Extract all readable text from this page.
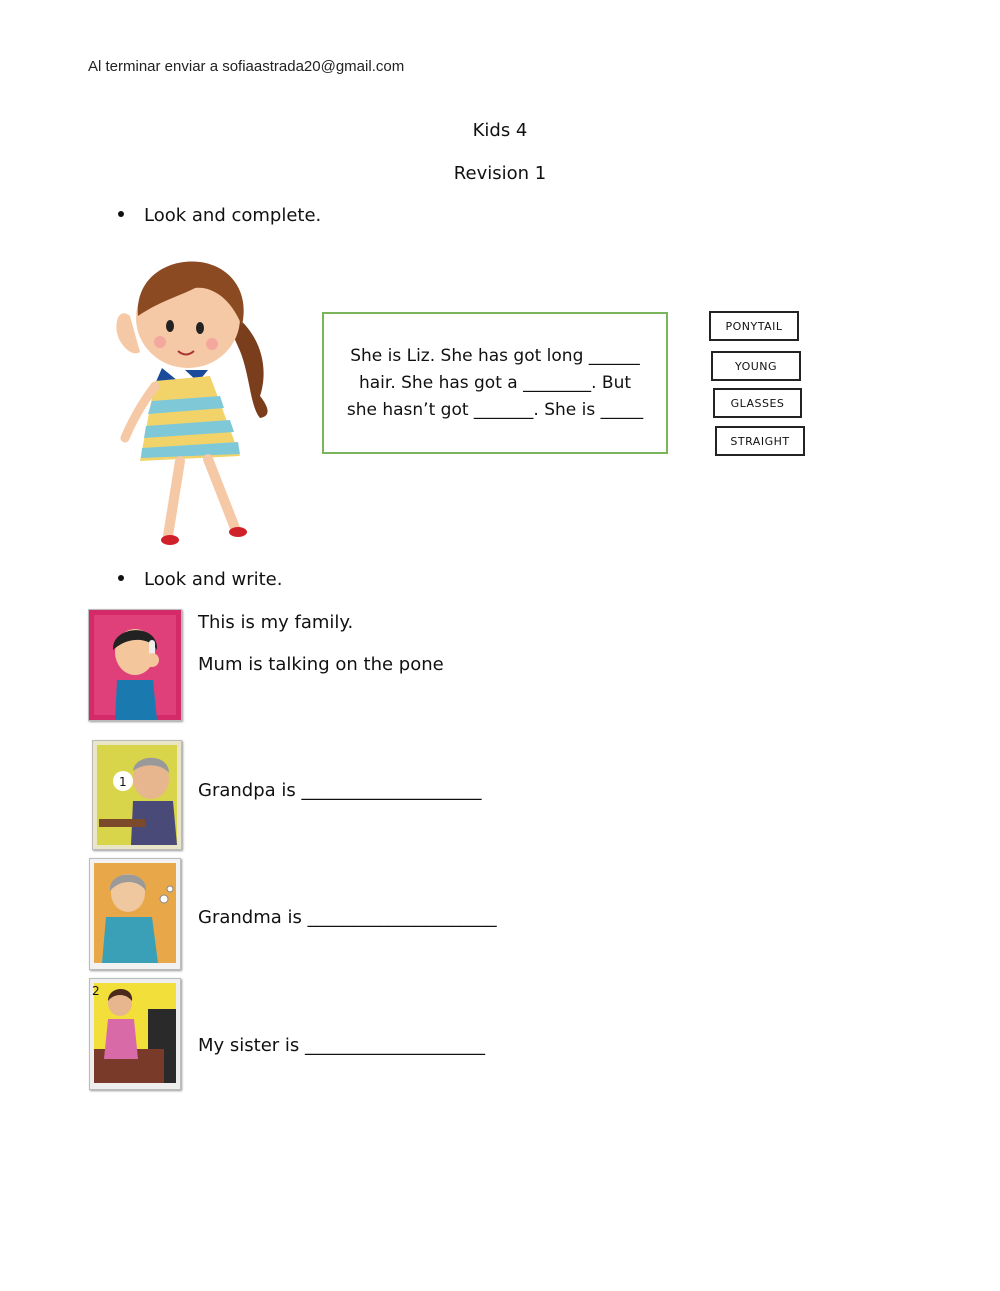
Al terminar enviar a sofiaastrada20@gmail.com
Kids 4
Revision 1
Look and complete.

She is Liz. She has got long ______
hair. She has got a ________. But
she hasn’t got _______. She is _____

PONYTAIL
YOUNG
GLASSES
STRAIGHT
Look and write.
1
2
This is my family.
Mum is talking on the pone
Grandpa is ____________________
Grandma is _____________________
My sister is ____________________
